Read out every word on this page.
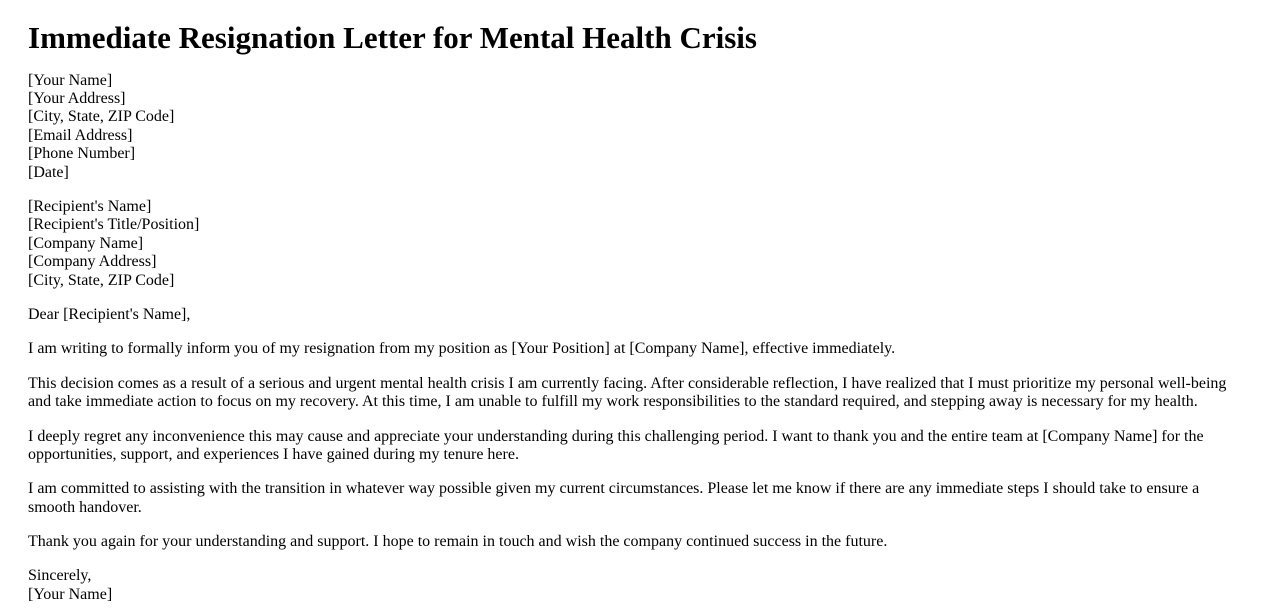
Immediate Resignation Letter for Mental Health Crisis

[Your Name]
[Your Address]
[City, State, ZIP Code]
[Email Address]
[Phone Number]
[Date]

[Recipient's Name]
[Recipient's Title/Position]
[Company Name]
[Company Address]
[City, State, ZIP Code]

Dear [Recipient's Name],

I am writing to formally inform you of my resignation from my position as [Your Position] at [Company Name], effective immediately.

This decision comes as a result of a serious and urgent mental health crisis I am currently facing. After considerable reflection, I have realized that I must prioritize my personal well-being and take immediate action to focus on my recovery. At this time, I am unable to fulfill my work responsibilities to the standard required, and stepping away is necessary for my health.

I deeply regret any inconvenience this may cause and appreciate your understanding during this challenging period. I want to thank you and the entire team at [Company Name] for the opportunities, support, and experiences I have gained during my tenure here.

I am committed to assisting with the transition in whatever way possible given my current circumstances. Please let me know if there are any immediate steps I should take to ensure a smooth handover.

Thank you again for your understanding and support. I hope to remain in touch and wish the company continued success in the future.

Sincerely,
[Your Name]
